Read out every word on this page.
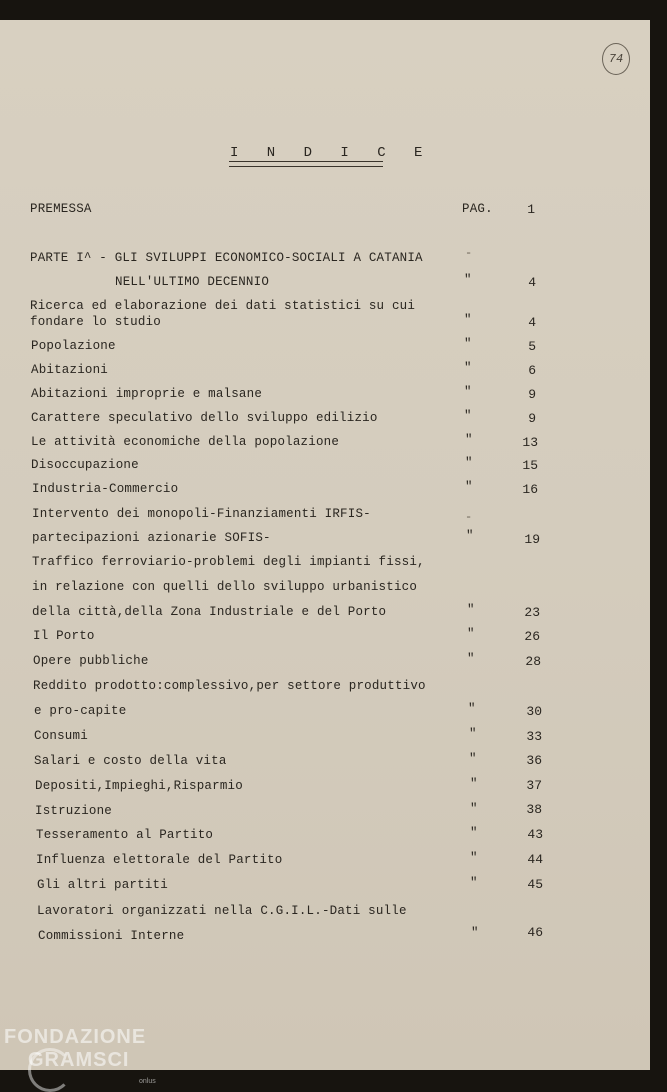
74
I N D I C E
PREMESSA	PAG.	1
PARTE I^ - GLI SVILUPPI ECONOMICO-SOCIALI A CATANIA	-
NELL'ULTIMO DECENNIO	"	4
Ricerca ed elaborazione dei dati statistici su cui
fondare lo studio	"	4
Popolazione	"	5
Abitazioni	"	6
Abitazioni improprie e malsane	"	9
Carattere speculativo dello sviluppo edilizio	"	9
Le attività economiche della popolazione	"	13
Disoccupazione	"	15
Industria-Commercio	"	16
Intervento dei monopoli-Finanziamenti IRFIS-	-
partecipazioni azionarie SOFIS-	"	19
Traffico ferroviario-problemi degli impianti fissi,
in relazione con quelli dello sviluppo urbanistico
della città,della Zona Industriale e del Porto	"	23
Il Porto	"	26
Opere pubbliche	"	28
Reddito prodotto:complessivo,per settore produttivo
e pro-capite	"	30
Consumi	"	33
Salari e costo della vita	"	36
Depositi,Impieghi,Risparmio	"	37
Istruzione	"	38
Tesseramento al Partito	"	43
Influenza elettorale del Partito	"	44
Gli altri partiti	"	45
Lavoratori organizzati nella C.G.I.L.-Dati sulle
Commissioni Interne	"	46
FONDAZIONE
GRAMSCI
onlus
